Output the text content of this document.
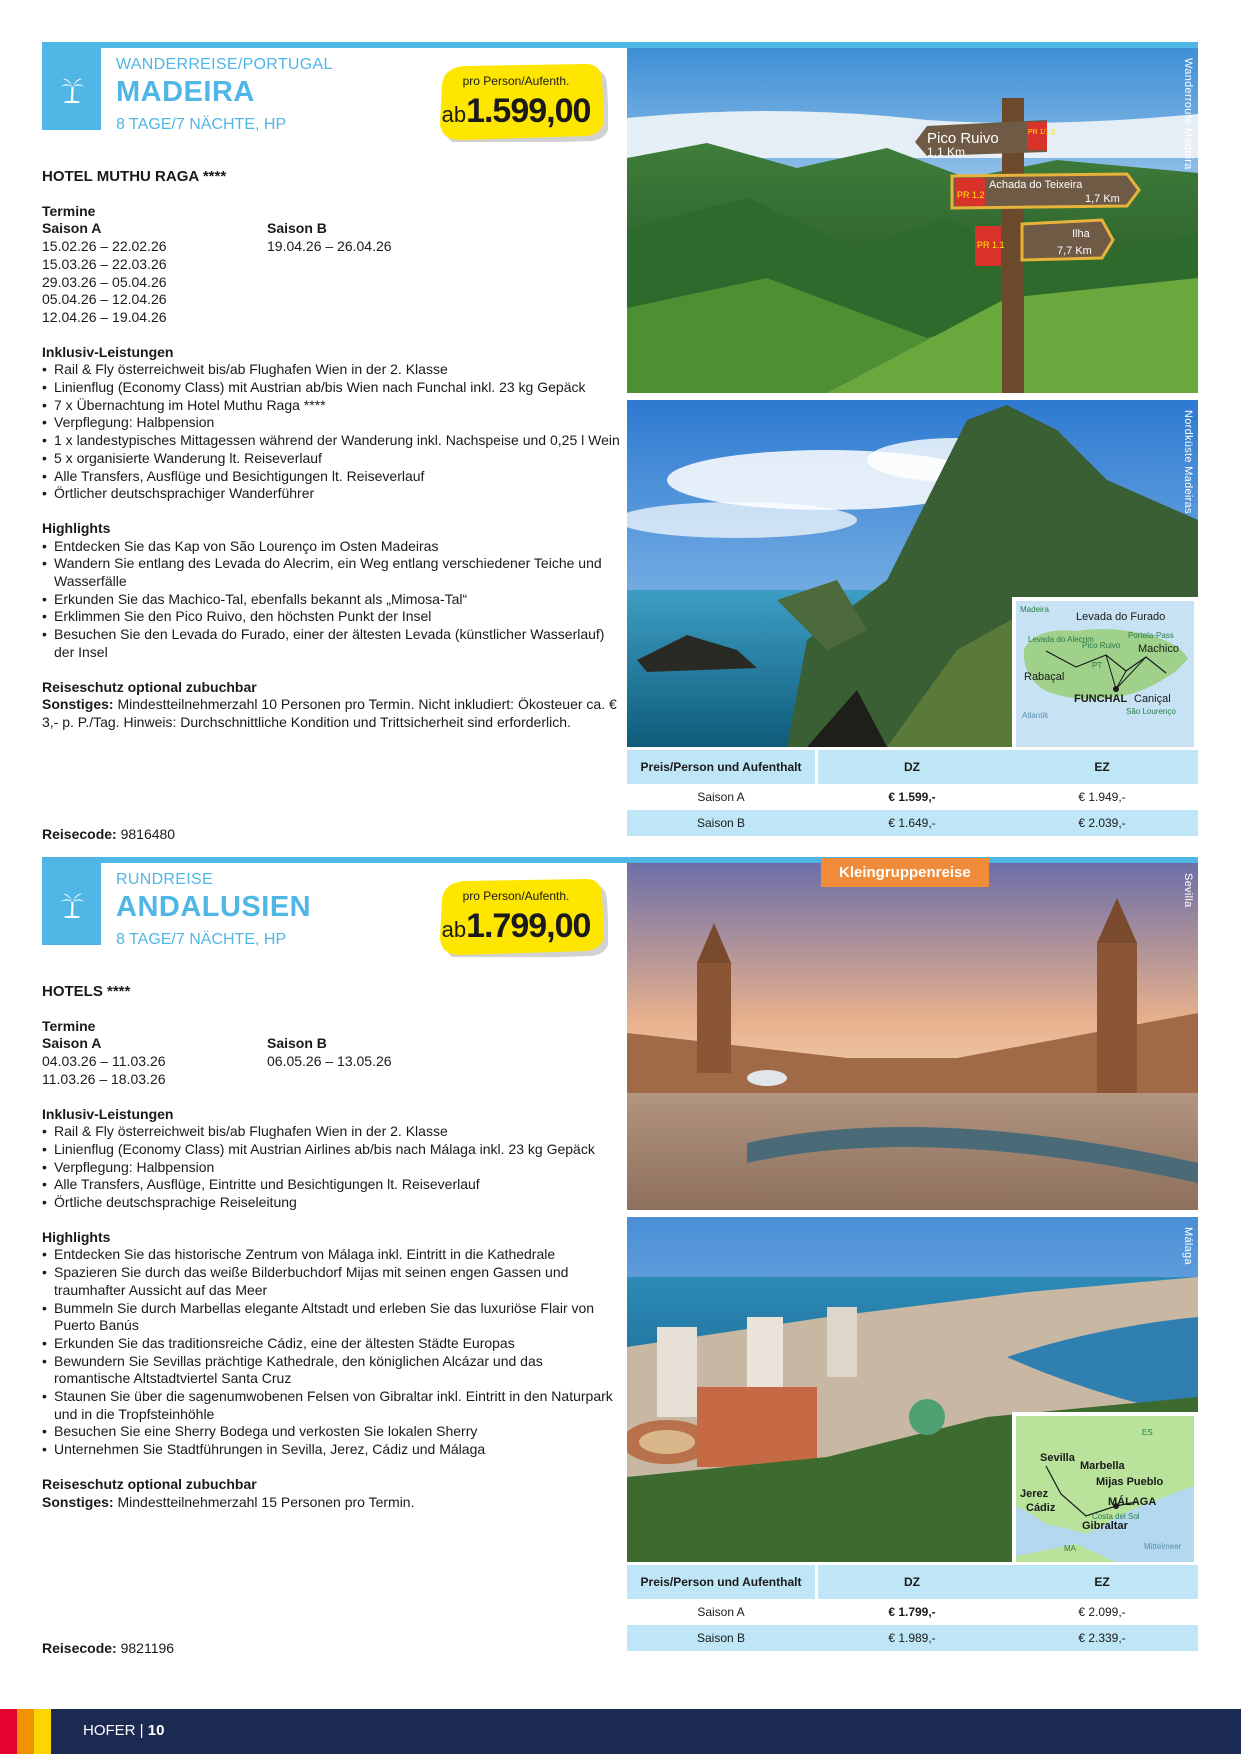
WANDERREISE/PORTUGAL
MADEIRA
8 TAGE/7 NÄCHTE, HP
pro Person/Aufenth.
ab1.599,00
HOTEL MUTHU RAGA ****
Termine
Saison A
15.02.26 – 22.02.26
15.03.26 – 22.03.26
29.03.26 – 05.04.26
05.04.26 – 12.04.26
12.04.26 – 19.04.26
Saison B
19.04.26 – 26.04.26
Inklusiv-Leistungen
• Rail & Fly österreichweit bis/ab Flughafen Wien in der 2. Klasse
• Linienflug (Economy Class) mit Austrian ab/bis Wien nach Funchal inkl. 23 kg Gepäck
• 7 x Übernachtung im Hotel Muthu Raga ****
• Verpflegung: Halbpension
• 1 x landestypisches Mittagessen während der Wanderung inkl. Nachspeise und 0,25 l Wein
• 5 x organisierte Wanderung lt. Reiseverlauf
• Alle Transfers, Ausflüge und Besichtigungen lt. Reiseverlauf
• Örtlicher deutschsprachiger Wanderführer
Highlights
• Entdecken Sie das Kap von São Lourenço im Osten Madeiras
• Wandern Sie entlang des Levada do Alecrim, ein Weg entlang verschiedener Teiche und Wasserfälle
• Erkunden Sie das Machico-Tal, ebenfalls bekannt als „Mimosa-Tal“
• Erklimmen Sie den Pico Ruivo, den höchsten Punkt der Insel
• Besuchen Sie den Levada do Furado, einer der ältesten Levada (künstlicher Wasserlauf) der Insel
Reiseschutz optional zubuchbar
Sonstiges: Mindestteilnehmerzahl 10 Personen pro Termin. Nicht inkludiert: Ökosteuer ca. € 3,- p. P./Tag. Hinweis: Durchschnittliche Kondition und Trittsicherheit sind erforderlich.
Reisecode: 9816480
Pico Ruivo
1,1 Km
PR 1/1.2
PR 1.2
Achada do Teixeira
1,7 Km
PR 1.1
Ilha
7,7 Km
Wanderroute Madeira
Nordküste Madeiras
Madeira
Levada do Furado
Levada do Alecrim
Pico Ruivo
Portela-Pass
Machico
PT
Rabaçal
FUNCHAL Caniçal
São Lourenço
Atlantik
Preis/Person und Aufenthalt		DZ	EZ
Saison A		€ 1.599,-	€ 1.949,-
Saison B		€ 1.649,-	€ 2.039,-
RUNDREISE
ANDALUSIEN
8 TAGE/7 NÄCHTE, HP
pro Person/Aufenth.
ab1.799,00
HOTELS ****
Termine
Saison A
04.03.26 – 11.03.26
11.03.26 – 18.03.26
Saison B
06.05.26 – 13.05.26
Inklusiv-Leistungen
• Rail & Fly österreichweit bis/ab Flughafen Wien in der 2. Klasse
• Linienflug (Economy Class) mit Austrian Airlines ab/bis nach Málaga inkl. 23 kg Gepäck
• Verpflegung: Halbpension
• Alle Transfers, Ausflüge, Eintritte und Besichtigungen lt. Reiseverlauf
• Örtliche deutschsprachige Reiseleitung
Highlights
• Entdecken Sie das historische Zentrum von Málaga inkl. Eintritt in die Kathedrale
• Spazieren Sie durch das weiße Bilderbuchdorf Mijas mit seinen engen Gassen und traumhafter Aussicht auf das Meer
• Bummeln Sie durch Marbellas elegante Altstadt und erleben Sie das luxuriöse Flair von Puerto Banús
• Erkunden Sie das traditionsreiche Cádiz, eine der ältesten Städte Europas
• Bewundern Sie Sevillas prächtige Kathedrale, den königlichen Alcázar und das romantische Altstadtviertel Santa Cruz
• Staunen Sie über die sagenumwobenen Felsen von Gibraltar inkl. Eintritt in den Naturpark und in die Tropfsteinhöhle
• Besuchen Sie eine Sherry Bodega und verkosten Sie lokalen Sherry
• Unternehmen Sie Stadtführungen in Sevilla, Jerez, Cádiz und Málaga
Reiseschutz optional zubuchbar
Sonstiges: Mindestteilnehmerzahl 15 Personen pro Termin.
Reisecode: 9821196
Sevilla
Kleingruppenreise
Málaga
ES
Sevilla
Marbella
Mijas Pueblo
Jerez
Cádiz	MÁLAGA
Costa del Sol
Gibraltar
MA	Mittelmeer
Preis/Person und Aufenthalt		DZ	EZ
Saison A		€ 1.799,-	€ 2.099,-
Saison B		€ 1.989,-	€ 2.339,-
HOFER | 10
